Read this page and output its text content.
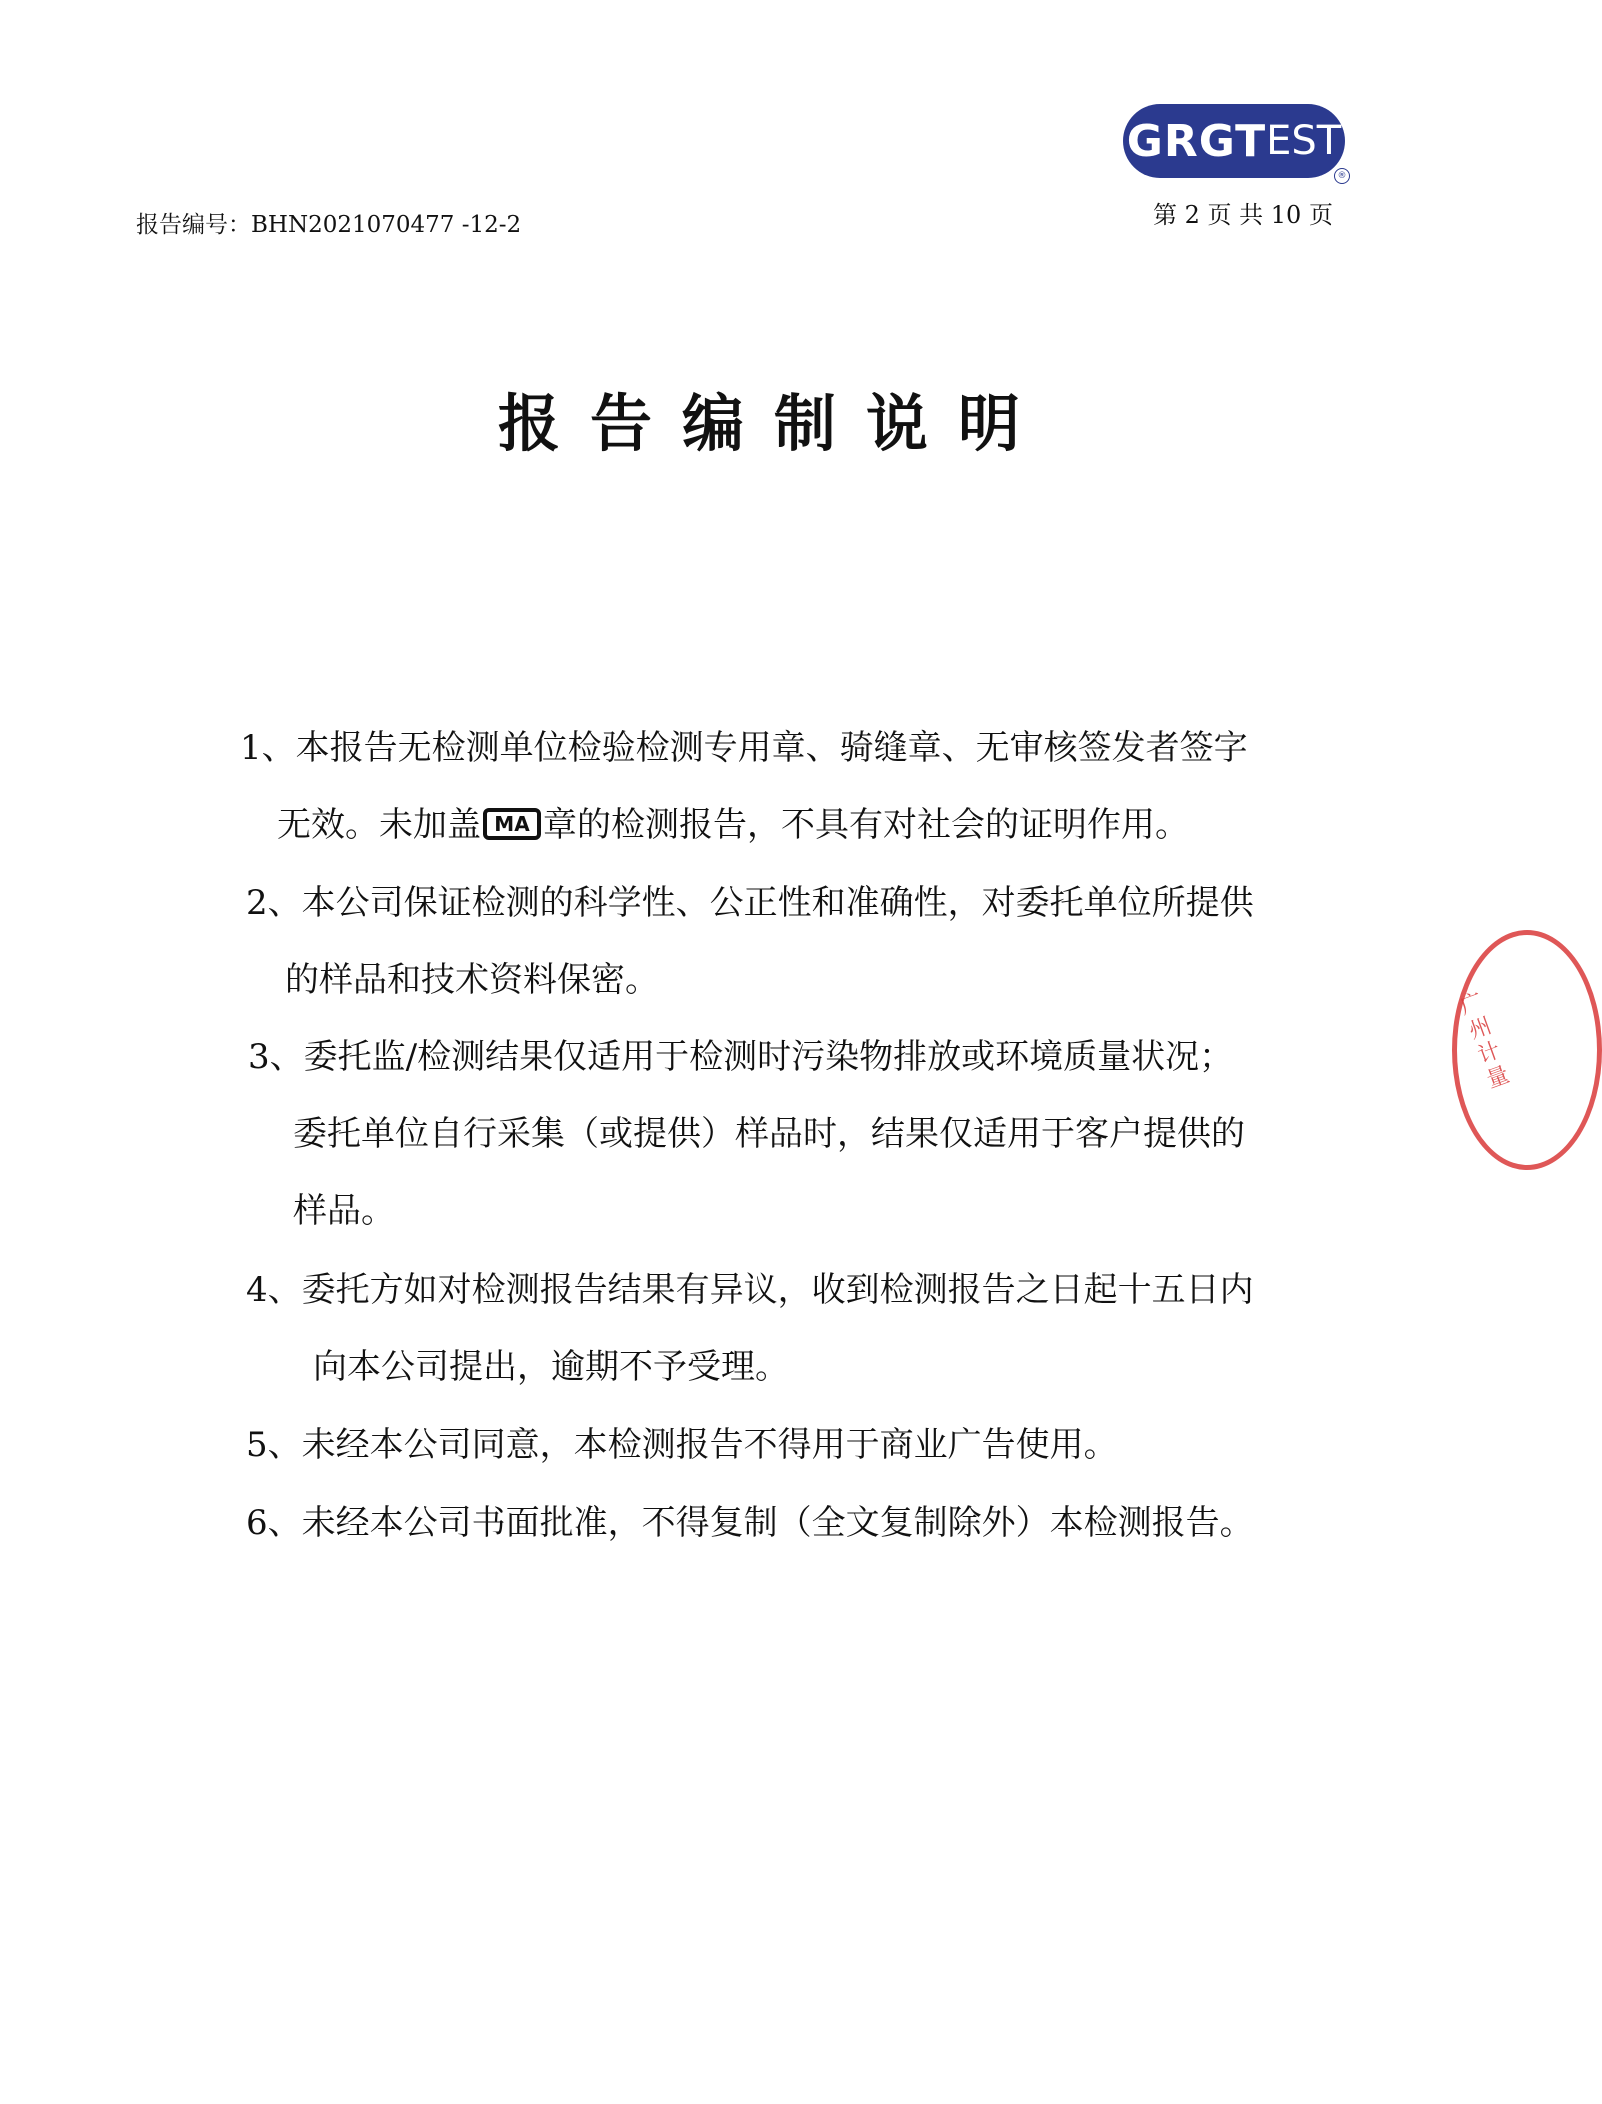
GRGT EST
®
报告编号：BHN2021070477 -12-2	第 2 页 共 10 页
报告编制说明
1、本报告无检测单位检验检测专用章、骑缝章、无审核签发者签字
无效。未加盖 MA 章的检测报告，不具有对社会的证明作用。
2、本公司保证检测的科学性、公正性和准确性，对委托单位所提供
的样品和技术资料保密。
3、委托监/检测结果仅适用于检测时污染物排放或环境质量状况；
委托单位自行采集（或提供）样品时，结果仅适用于客户提供的
样品。
4、委托方如对检测报告结果有异议，收到检测报告之日起十五日内
向本公司提出，逾期不予受理。
5、未经本公司同意，本检测报告不得用于商业广告使用。
6、未经本公司书面批准，不得复制（全文复制除外）本检测报告。
广州计量
